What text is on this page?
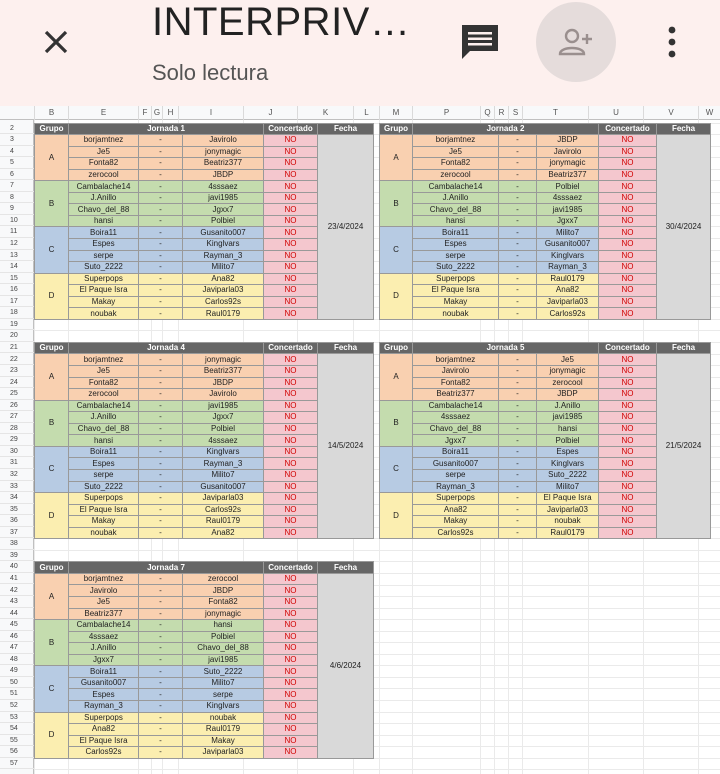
INTERPRIV…
Solo lectura
B	E	F G H	I	J	K	L	M	P	Q	R	S	T	U	V	W
2
3
4
5
6
7
8
9
10
11
12
13
14
15
16
17
18
19
20
21
22
23
24
25
26
27
28
29
30
31
32
33
34
35
36
37
38
39
40
41
42
43
44
45
46
47
48
49
50
51
52
53
54
55
56
57
Grupo	Jornada 1			Concertado	Fecha
A	borjamtnez	-	Javirolo	NO	23/4/2024
	Je5	-	jonymagic	NO	
	Fonta82	-	Beatriz377	NO	
	zerocool	-	JBDP	NO	
B	Cambalache14	-	4sssaez	NO	
	J.Anillo	-	javi1985	NO	
	Chavo_del_88	-	Jgxx7	NO	
	hansi	-	Polbiel	NO	
C	Boira11	-	Gusanito007	NO	
	Espes	-	Kinglvars	NO	
	serpe	-	Rayman_3	NO	
	Suto_2222	-	Milito7	NO	
D	Superpops	-	Ana82	NO	
	El Paque Isra	-	Javiparla03	NO	
	Makay	-	Carlos92s	NO	
	noubak	-	Raul0179	NO	
Grupo	Jornada 2			Concertado	Fecha
A	borjamtnez	-	JBDP	NO	30/4/2024
	Je5	-	Javirolo	NO	
	Fonta82	-	jonymagic	NO	
	zerocool	-	Beatriz377	NO	
B	Cambalache14	-	Polbiel	NO	
	J.Anillo	-	4sssaez	NO	
	Chavo_del_88	-	javi1985	NO	
	hansi	-	Jgxx7	NO	
C	Boira11	-	Milito7	NO	
	Espes	-	Gusanito007	NO	
	serpe	-	Kinglvars	NO	
	Suto_2222	-	Rayman_3	NO	
D	Superpops	-	Raul0179	NO	
	El Paque Isra	-	Ana82	NO	
	Makay	-	Javiparla03	NO	
	noubak	-	Carlos92s	NO	
Grupo	Jornada 4			Concertado	Fecha
A	borjamtnez	-	jonymagic	NO	14/5/2024
	Je5	-	Beatriz377	NO	
	Fonta82	-	JBDP	NO	
	zerocool	-	Javirolo	NO	
B	Cambalache14	-	javi1985	NO	
	J.Anillo	-	Jgxx7	NO	
	Chavo_del_88	-	Polbiel	NO	
	hansi	-	4sssaez	NO	
C	Boira11	-	Kinglvars	NO	
	Espes	-	Rayman_3	NO	
	serpe	-	Milito7	NO	
	Suto_2222	-	Gusanito007	NO	
D	Superpops	-	Javiparla03	NO	
	El Paque Isra	-	Carlos92s	NO	
	Makay	-	Raul0179	NO	
	noubak	-	Ana82	NO	
Grupo	Jornada 5			Concertado	Fecha
A	borjamtnez	-	Je5	NO	21/5/2024
	Javirolo	-	jonymagic	NO	
	Fonta82	-	zerocool	NO	
	Beatriz377	-	JBDP	NO	
B	Cambalache14	-	J.Anillo	NO	
	4sssaez	-	javi1985	NO	
	Chavo_del_88	-	hansi	NO	
	Jgxx7	-	Polbiel	NO	
C	Boira11	-	Espes	NO	
	Gusanito007	-	Kinglvars	NO	
	serpe	-	Suto_2222	NO	
	Rayman_3	-	Milito7	NO	
D	Superpops	-	El Paque Isra	NO	
	Ana82	-	Javiparla03	NO	
	Makay	-	noubak	NO	
	Carlos92s	-	Raul0179	NO	
Grupo	Jornada 7			Concertado	Fecha
A	borjamtnez	-	zerocool	NO	4/6/2024
	Javirolo	-	JBDP	NO	
	Je5	-	Fonta82	NO	
	Beatriz377	-	jonymagic	NO	
B	Cambalache14	-	hansi	NO	
	4sssaez	-	Polbiel	NO	
	J.Anillo	-	Chavo_del_88	NO	
	Jgxx7	-	javi1985	NO	
C	Boira11	-	Suto_2222	NO	
	Gusanito007	-	Milito7	NO	
	Espes	-	serpe	NO	
	Rayman_3	-	Kinglvars	NO	
D	Superpops	-	noubak	NO	
	Ana82	-	Raul0179	NO	
	El Paque Isra	-	Makay	NO	
	Carlos92s	-	Javiparla03	NO	
